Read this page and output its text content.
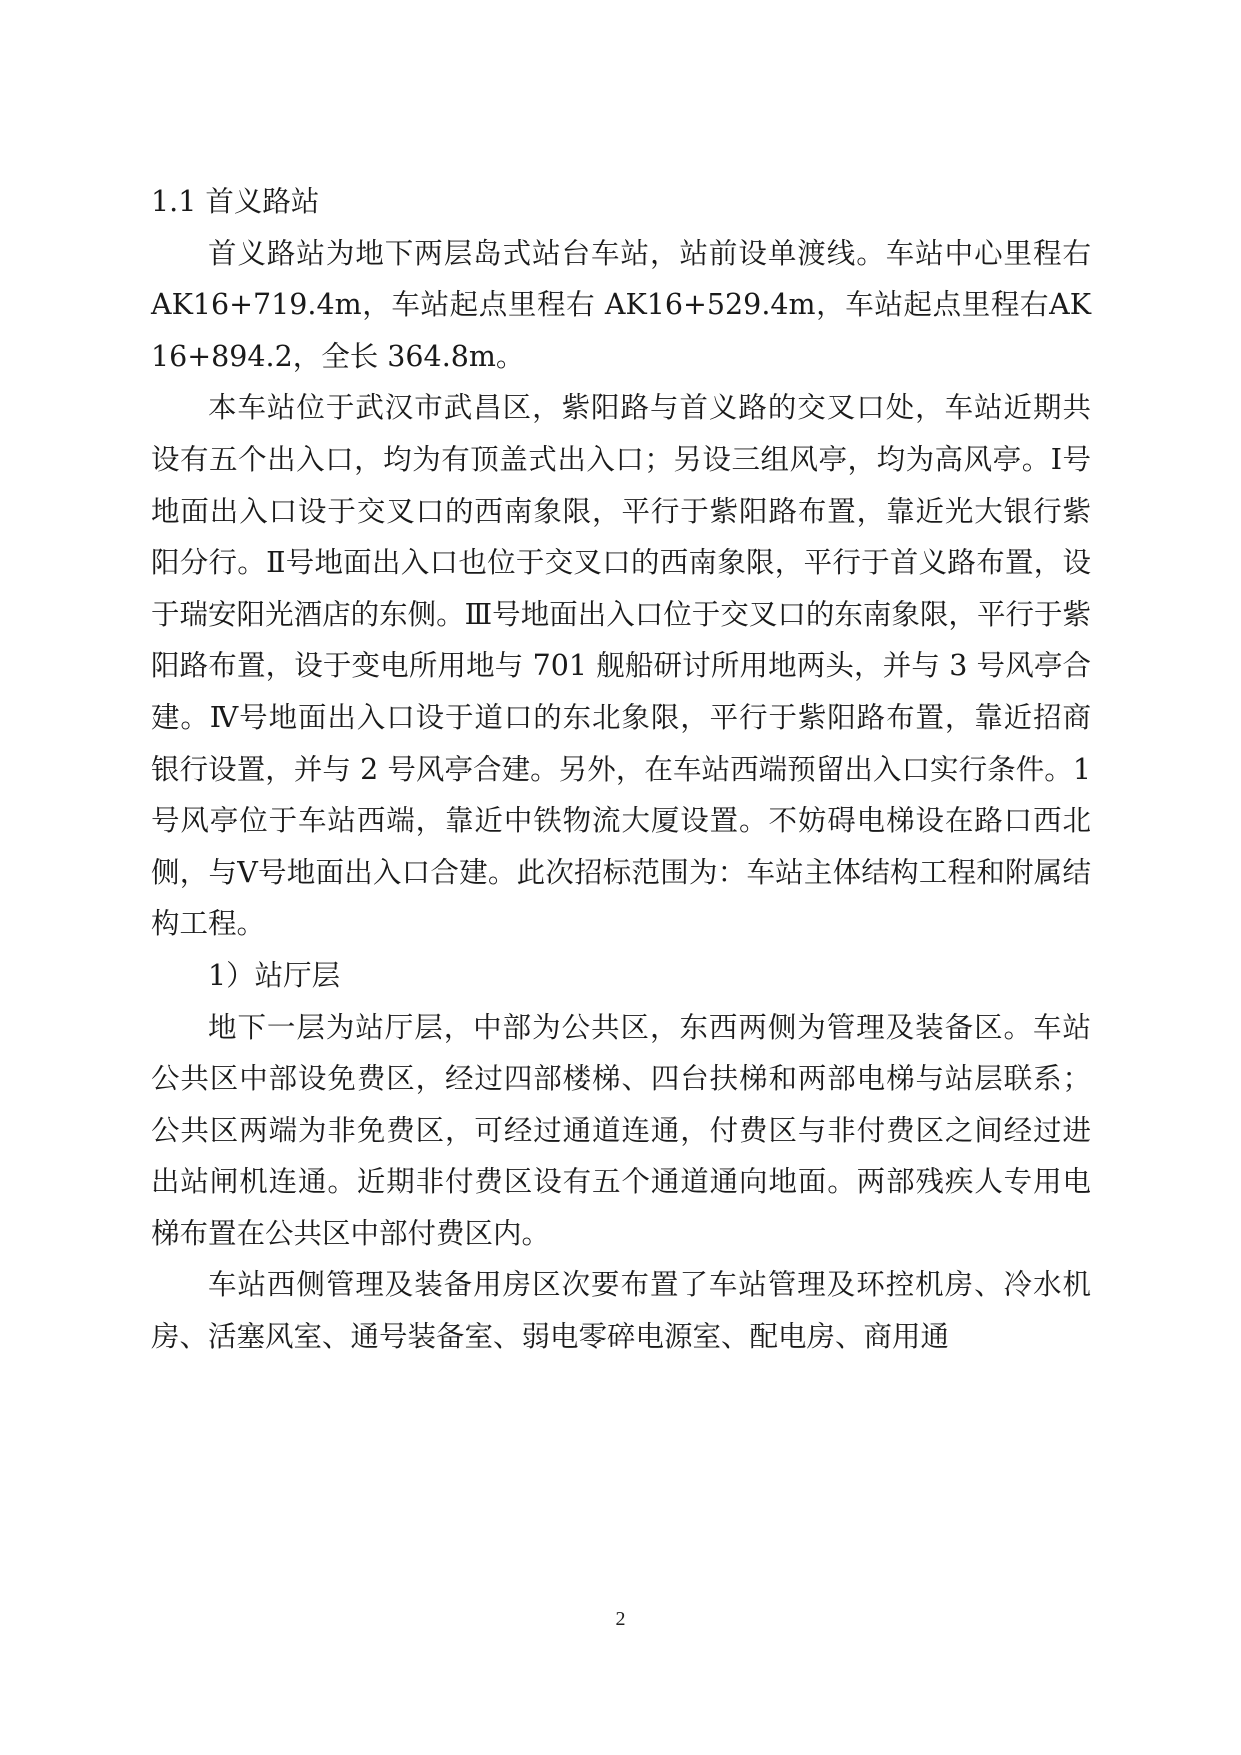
1.1 首义路站

首义路站为地下两层岛式站台车站，站前设单渡线。车站中心里程右 AK16+719.4m，车站起点里程右 AK16+529.4m，车站起点里程右AK16+894.2，全长 364.8m。

本车站位于武汉市武昌区，紫阳路与首义路的交叉口处，车站近期共设有五个出入口，均为有顶盖式出入口；另设三组风亭，均为高风亭。Ⅰ号地面出入口设于交叉口的西南象限，平行于紫阳路布置，靠近光大银行紫阳分行。Ⅱ号地面出入口也位于交叉口的西南象限，平行于首义路布置，设于瑞安阳光酒店的东侧。Ⅲ号地面出入口位于交叉口的东南象限，平行于紫阳路布置，设于变电所用地与 701 舰船研讨所用地两头，并与 3 号风亭合建。Ⅳ号地面出入口设于道口的东北象限，平行于紫阳路布置，靠近招商银行设置，并与 2 号风亭合建。另外，在车站西端预留出入口实行条件。1 号风亭位于车站西端，靠近中铁物流大厦设置。不妨碍电梯设在路口西北侧，与Ⅴ号地面出入口合建。此次招标范围为：车站主体结构工程和附属结构工程。

1）站厅层

地下一层为站厅层，中部为公共区，东西两侧为管理及装备区。车站公共区中部设免费区，经过四部楼梯、四台扶梯和两部电梯与站层联系；公共区两端为非免费区，可经过通道连通，付费区与非付费区之间经过进出站闸机连通。近期非付费区设有五个通道通向地面。两部残疾人专用电梯布置在公共区中部付费区内。

车站西侧管理及装备用房区次要布置了车站管理及环控机房、冷水机房、活塞风室、通号装备室、弱电零碎电源室、配电房、商用通

2
